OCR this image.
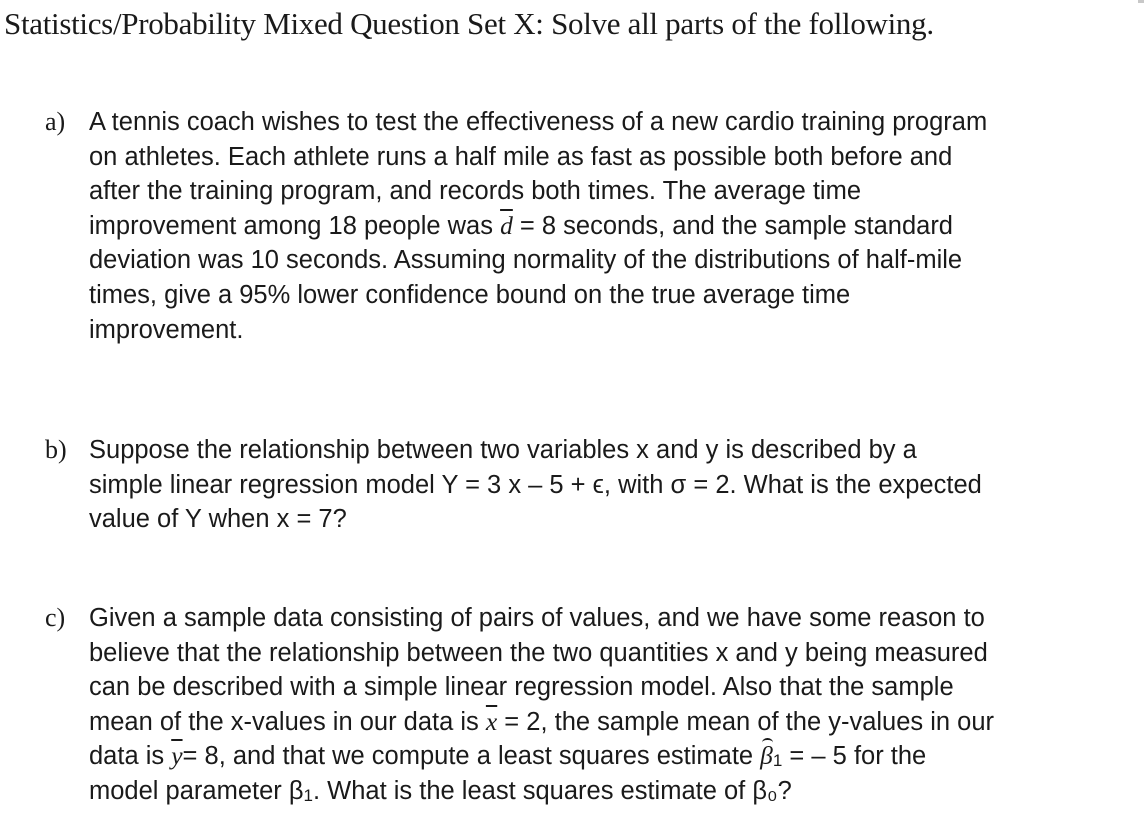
Statistics/Probability Mixed Question Set X: Solve all parts of the following.
a) A tennis coach wishes to test the effectiveness of a new cardio training program
on athletes. Each athlete runs a half mile as fast as possible both before and
after the training program, and records both times. The average time
improvement among 18 people was $\overline{d} = 8$ seconds, and the sample standard
deviation was 10 seconds. Assuming normality of the distributions of half-mile
times, give a 95% lower confidence bound on the true average time
improvement.
b) Suppose the relationship between two variables x and y is described by a
simple linear regression model Y = 3 x – 5 + ϵ, with σ = 2. What is the expected
value of Y when x = 7?
c) Given a sample data consisting of pairs of values, and we have some reason to
believe that the relationship between the two quantities x and y being measured
can be described with a simple linear regression model. Also that the sample
mean of the x-values in our data is $\overline{x} = 2$, the sample mean of the y-values in our
data is $\overline{y}= 8$, and that we compute a least squares estimate β1 = – 5 for the
model parameter β1. What is the least squares estimate of β₀?
